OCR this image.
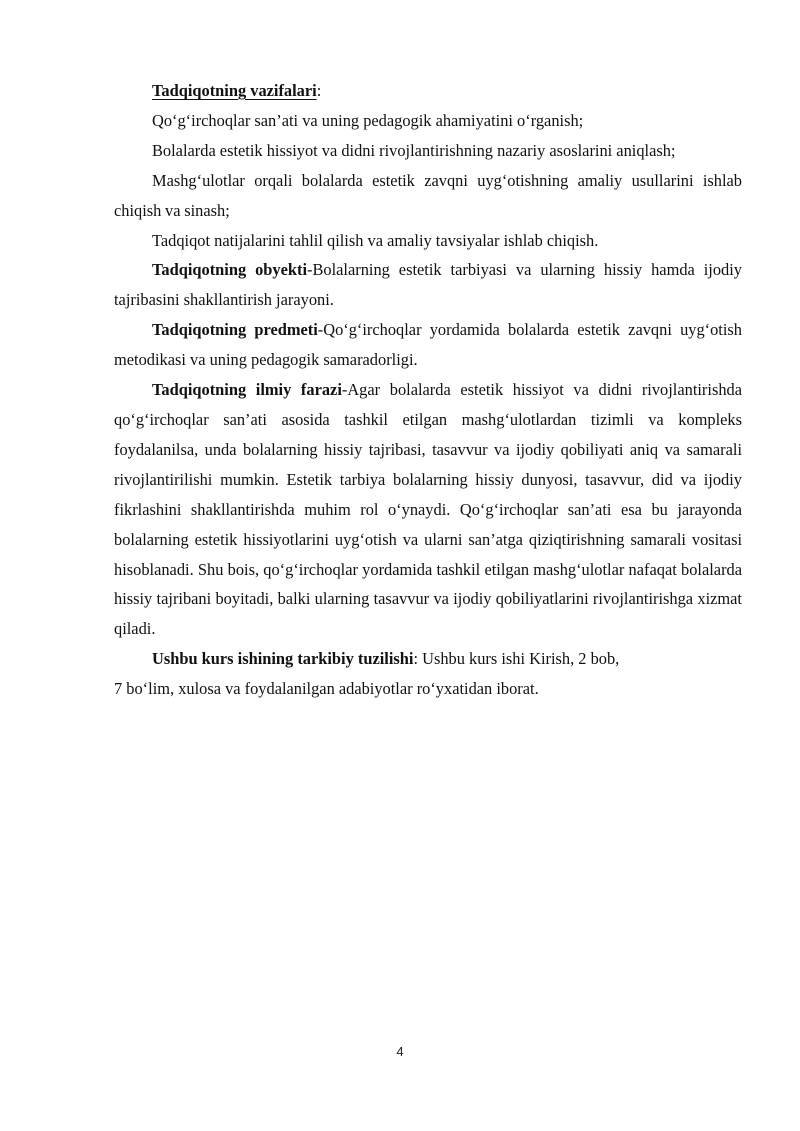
Tadqiqotning vazifalari:

Qo‘g‘irchoqlar san’ati va uning pedagogik ahamiyatini o‘rganish;

Bolalarda estetik hissiyot va didni rivojlantirishning nazariy asoslarini aniqlash;

Mashg‘ulotlar orqali bolalarda estetik zavqni uyg‘otishning amaliy usullarini ishlab chiqish va sinash;

Tadqiqot natijalarini tahlil qilish va amaliy tavsiyalar ishlab chiqish.

Tadqiqotning obyekti-Bolalarning estetik tarbiyasi va ularning hissiy hamda ijodiy tajribasini shakllantirish jarayoni.

Tadqiqotning predmeti-Qo‘g‘irchoqlar yordamida bolalarda estetik zavqni uyg‘otish metodikasi va uning pedagogik samaradorligi.

Tadqiqotning ilmiy farazi-Agar bolalarda estetik hissiyot va didni rivojlantirishda qo‘g‘irchoqlar san’ati asosida tashkil etilgan mashg‘ulotlardan tizimli va kompleks foydalanilsa, unda bolalarning hissiy tajribasi, tasavvur va ijodiy qobiliyati aniq va samarali rivojlantirilishi mumkin. Estetik tarbiya bolalarning hissiy dunyosi, tasavvur, did va ijodiy fikrlashini shakllantirishda muhim rol o‘ynaydi. Qo‘g‘irchoqlar san’ati esa bu jarayonda bolalarning estetik hissiyotlarini uyg‘otish va ularni san’atga qiziqtirishning samarali vositasi hisoblanadi. Shu bois, qo‘g‘irchoqlar yordamida tashkil etilgan mashg‘ulotlar nafaqat bolalarda hissiy tajribani boyitadi, balki ularning tasavvur va ijodiy qobiliyatlarini rivojlantirishga xizmat qiladi.

Ushbu kurs ishining tarkibiy tuzilishi: Ushbu kurs ishi Kirish, 2 bob,
7 bo‘lim, xulosa va foydalanilgan adabiyotlar ro‘yxatidan iborat.

4
